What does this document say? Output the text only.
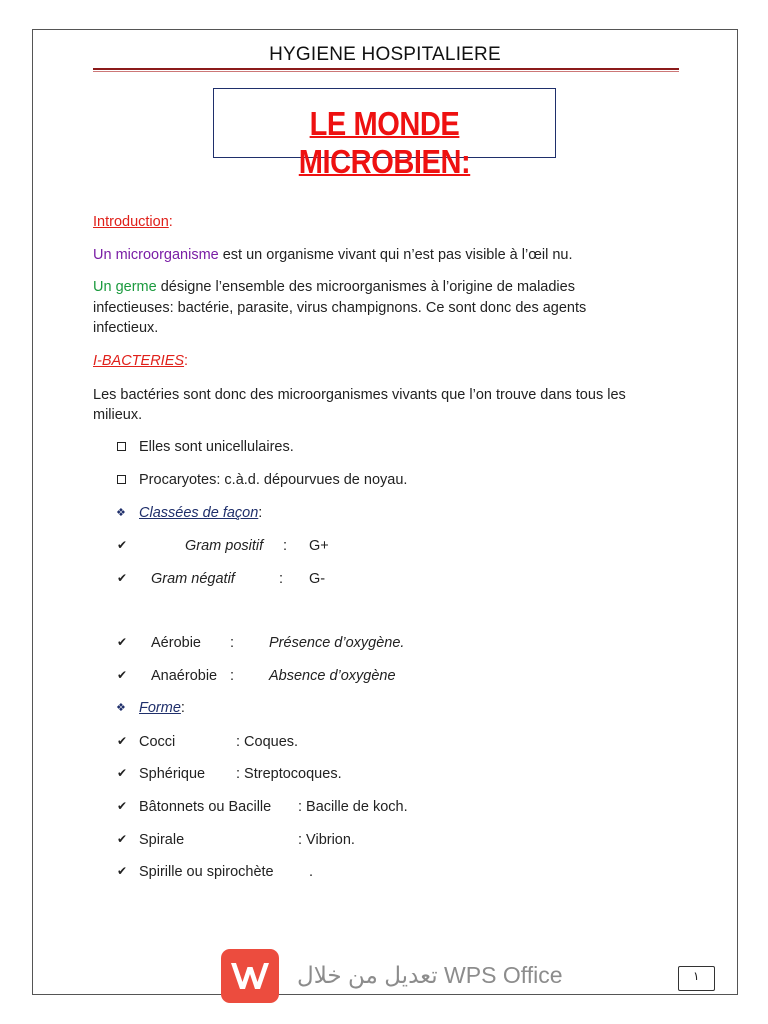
HYGIENE HOSPITALIERE
LE MONDE MICROBIEN:
Introduction:
Un microorganisme est un organisme vivant qui n’est pas visible à l’œil nu.
Un germe désigne l’ensemble des microorganismes à l’origine de maladies
infectieuses: bactérie, parasite, virus champignons. Ce sont donc des agents
infectieux.
I-BACTERIES:
Les bactéries sont donc des microorganismes vivants que l’on trouve dans tous les
milieux.
Elles sont unicellulaires.
Procaryotes: c.à.d. dépourvues de noyau.
❖ Classées de façon:
✔	Gram positif : G+
✔ Gram négatif	: G-
✔ Aérobie : Présence d’oxygène.
✔ Anaérobie : Absence d’oxygène
❖ Forme:
✔ Cocci	: Coques.
✔ Sphérique : Streptocoques.
✔ Bâtonnets ou Bacille : Bacille de koch.
✔ Spirale	: Vibrion.
✔ Spirille ou spirochète .
تعديل من خلال WPS Office	١
